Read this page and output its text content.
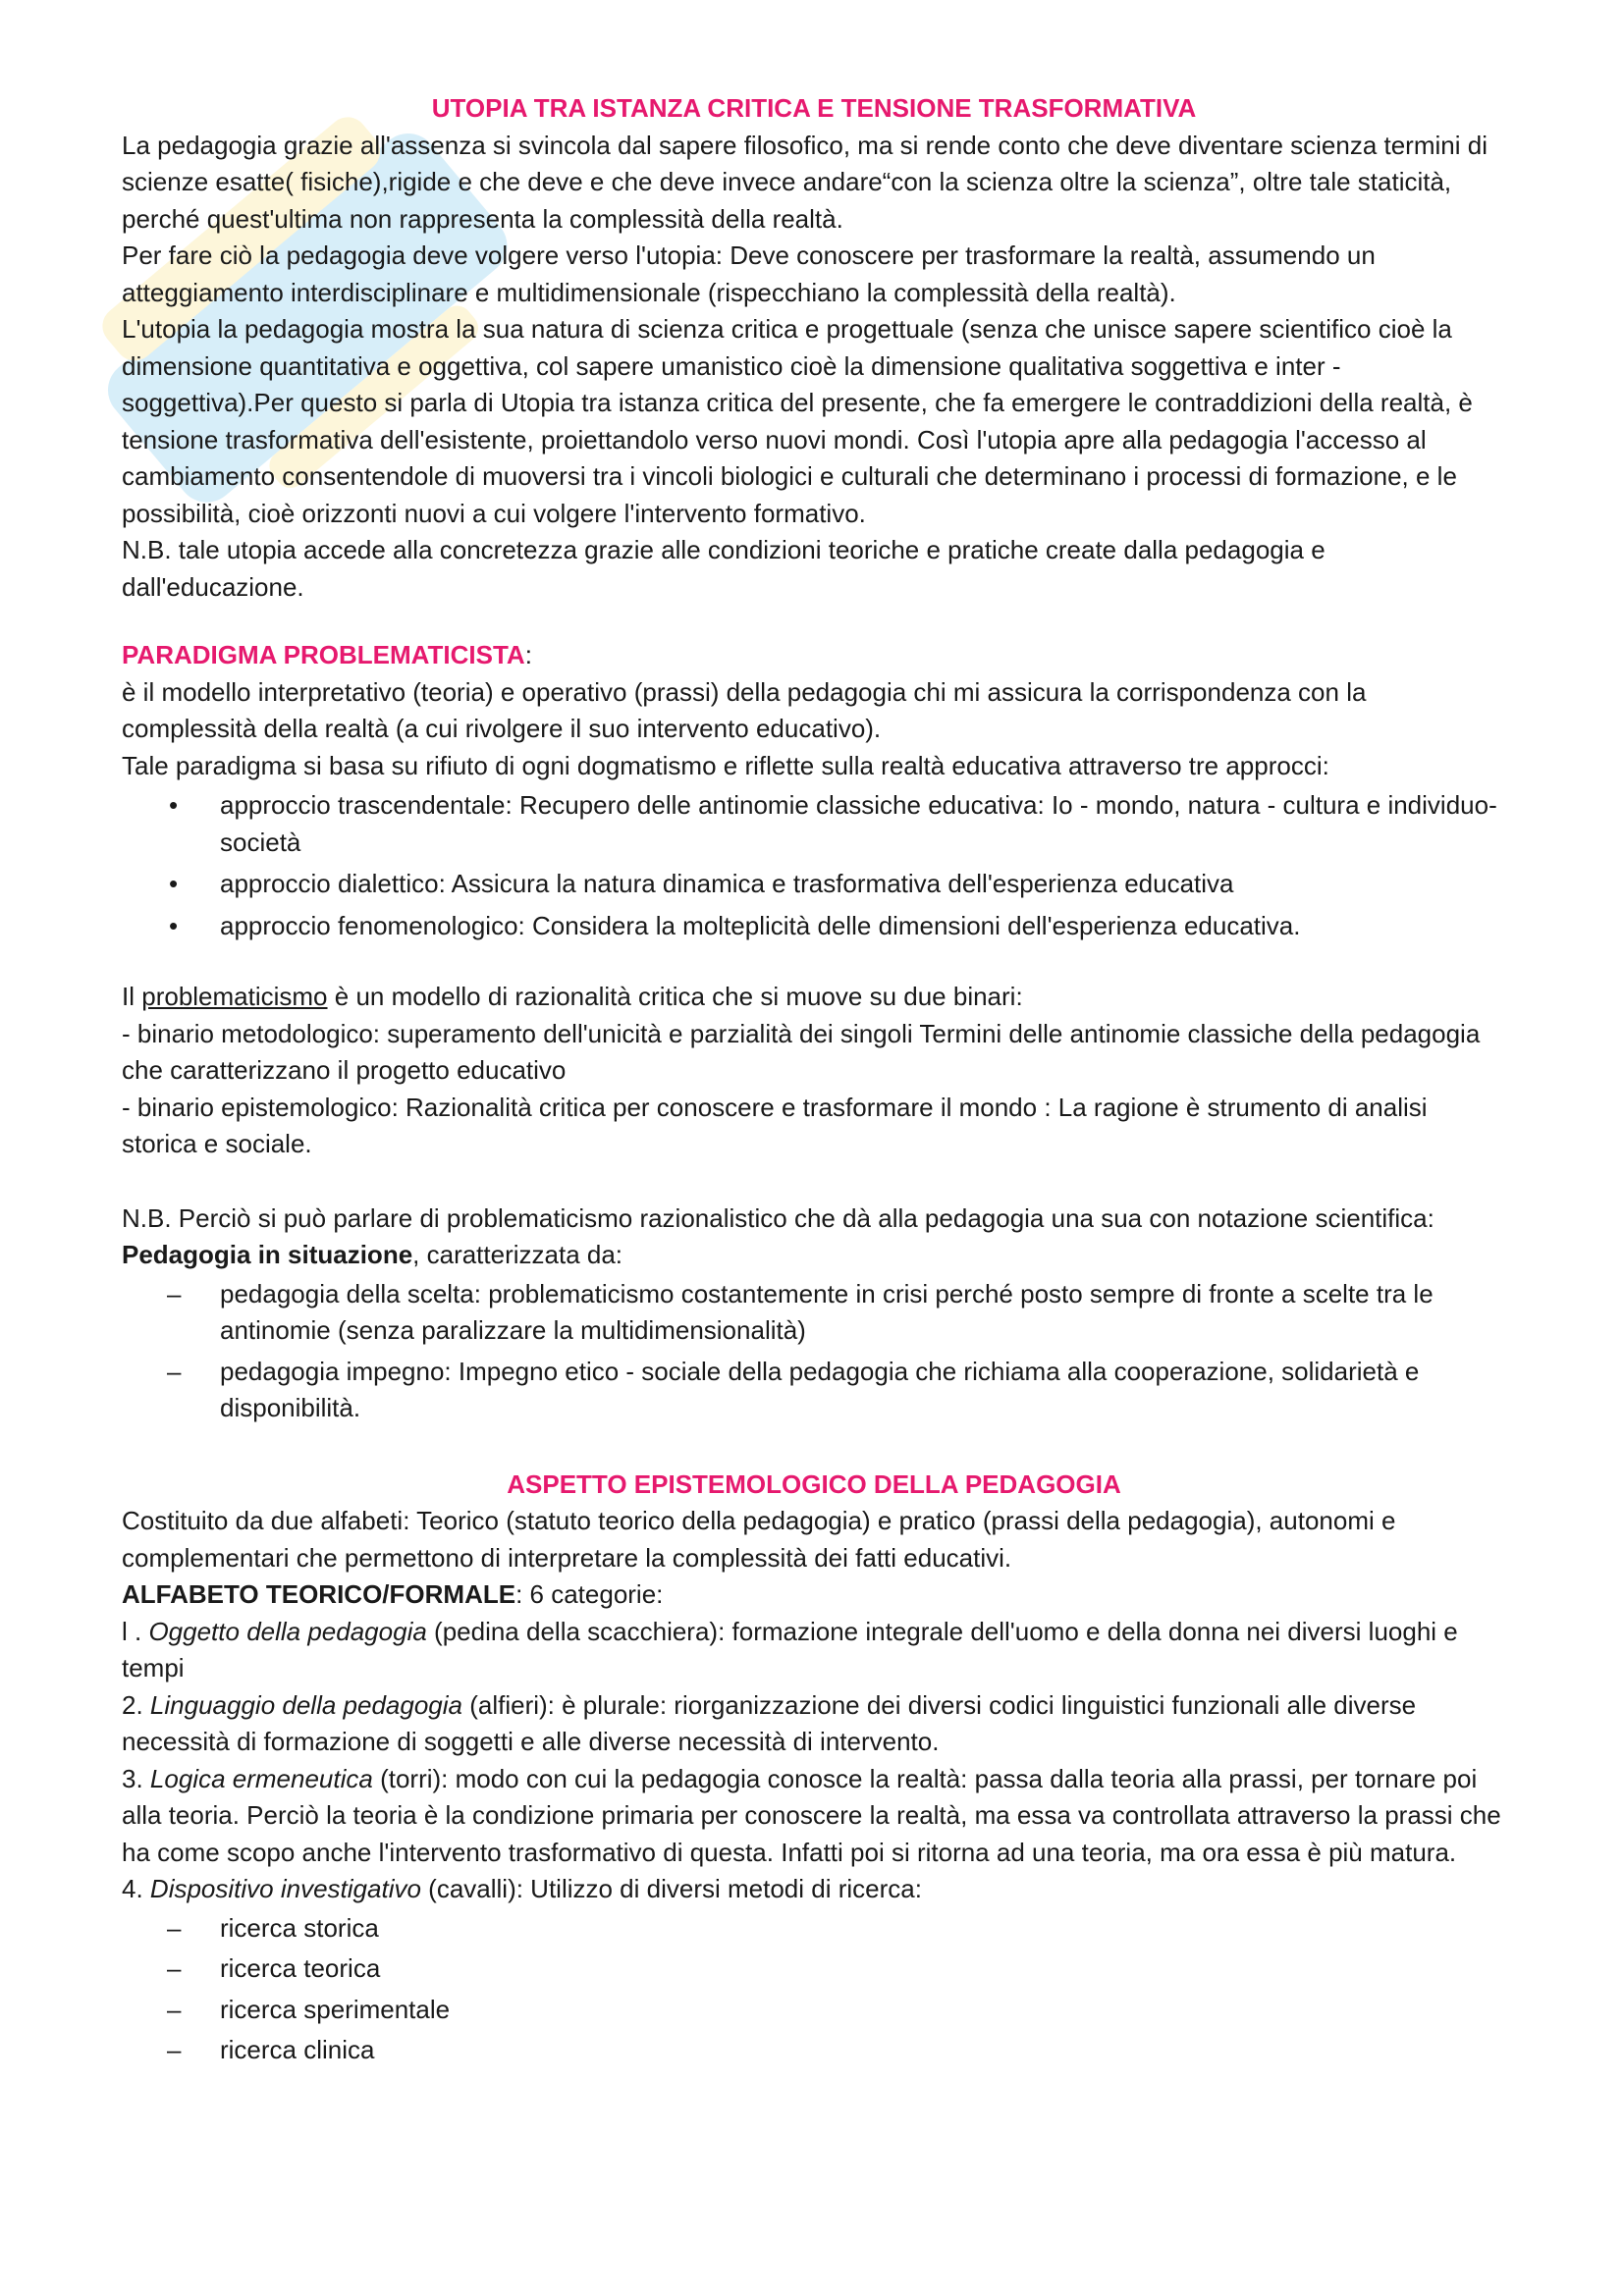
UTOPIA TRA ISTANZA CRITICA E TENSIONE TRASFORMATIVA

La pedagogia grazie all'assenza si svincola dal sapere filosofico, ma si rende conto che deve diventare scienza termini di scienze esatte( fisiche),rigide e che deve e che deve invece andare“con la scienza oltre la scienza”, oltre tale staticità, perché quest'ultima non rappresenta la complessità della realtà.

Per fare ciò la pedagogia deve volgere verso l'utopia: Deve conoscere per trasformare la realtà, assumendo un atteggiamento interdisciplinare e multidimensionale (rispecchiano la complessità della realtà).

L'utopia la pedagogia mostra la sua natura di scienza critica e progettuale (senza che unisce sapere scientifico cioè la dimensione quantitativa e oggettiva, col sapere umanistico cioè la dimensione qualitativa soggettiva e inter -soggettiva).Per questo si parla di Utopia tra istanza critica del presente, che fa emergere le contraddizioni della realtà, è tensione trasformativa dell'esistente, proiettandolo verso nuovi mondi. Così l'utopia apre alla pedagogia l'accesso al cambiamento consentendole di muoversi tra i vincoli biologici e culturali che determinano i processi di formazione, e le possibilità, cioè orizzonti nuovi a cui volgere l'intervento formativo.

N.B. tale utopia accede alla concretezza grazie alle condizioni teoriche e pratiche create dalla pedagogia e dall'educazione.

PARADIGMA PROBLEMATICISTA:

è il modello interpretativo (teoria) e operativo (prassi) della pedagogia chi mi assicura la corrispondenza con la complessità della realtà (a cui rivolgere il suo intervento educativo).

Tale paradigma si basa su rifiuto di ogni dogmatismo e riflette sulla realtà educativa attraverso tre approcci:

•	approccio trascendentale: Recupero delle antinomie classiche educativa: Io - mondo, natura - cultura e individuo-società
•	approccio dialettico: Assicura la natura dinamica e trasformativa dell'esperienza educativa
•	approccio fenomenologico: Considera la molteplicità delle dimensioni dell'esperienza educativa.

Il problematicismo è un modello di razionalità critica che si muove su due binari:

- binario metodologico: superamento dell'unicità e parzialità dei singoli Termini delle antinomie classiche della pedagogia che caratterizzano il progetto educativo

- binario epistemologico: Razionalità critica per conoscere e trasformare il mondo : La ragione è strumento di analisi storica e sociale.

N.B. Perciò si può parlare di problematicismo razionalistico che dà alla pedagogia una sua con notazione scientifica: Pedagogia in situazione, caratterizzata da:

– pedagogia della scelta: problematicismo costantemente in crisi perché posto sempre di fronte a scelte tra le antinomie (senza paralizzare la multidimensionalità)
– pedagogia impegno: Impegno etico - sociale della pedagogia che richiama alla cooperazione, solidarietà e disponibilità.
ASPETTO EPISTEMOLOGICO DELLA PEDAGOGIA

Costituito da due alfabeti: Teorico (statuto teorico della pedagogia) e pratico (prassi della pedagogia), autonomi e complementari che permettono di interpretare la complessità dei fatti educativi.

ALFABETO TEORICO/FORMALE: 6 categorie:

l . Oggetto della pedagogia (pedina della scacchiera): formazione integrale dell'uomo e della donna nei diversi luoghi e tempi

2. Linguaggio della pedagogia (alfieri): è plurale: riorganizzazione dei diversi codici linguistici funzionali alle diverse necessità di formazione di soggetti e alle diverse necessità di intervento.

3. Logica ermeneutica (torri): modo con cui la pedagogia conosce la realtà: passa dalla teoria alla prassi, per tornare poi alla teoria. Perciò la teoria è la condizione primaria per conoscere la realtà, ma essa va controllata attraverso la prassi che ha come scopo anche l'intervento trasformativo di questa. Infatti poi si ritorna ad una teoria, ma ora essa è più matura.

4. Dispositivo investigativo (cavalli): Utilizzo di diversi metodi di ricerca:

– ricerca storica
– ricerca teorica
– ricerca sperimentale
– ricerca clinica
